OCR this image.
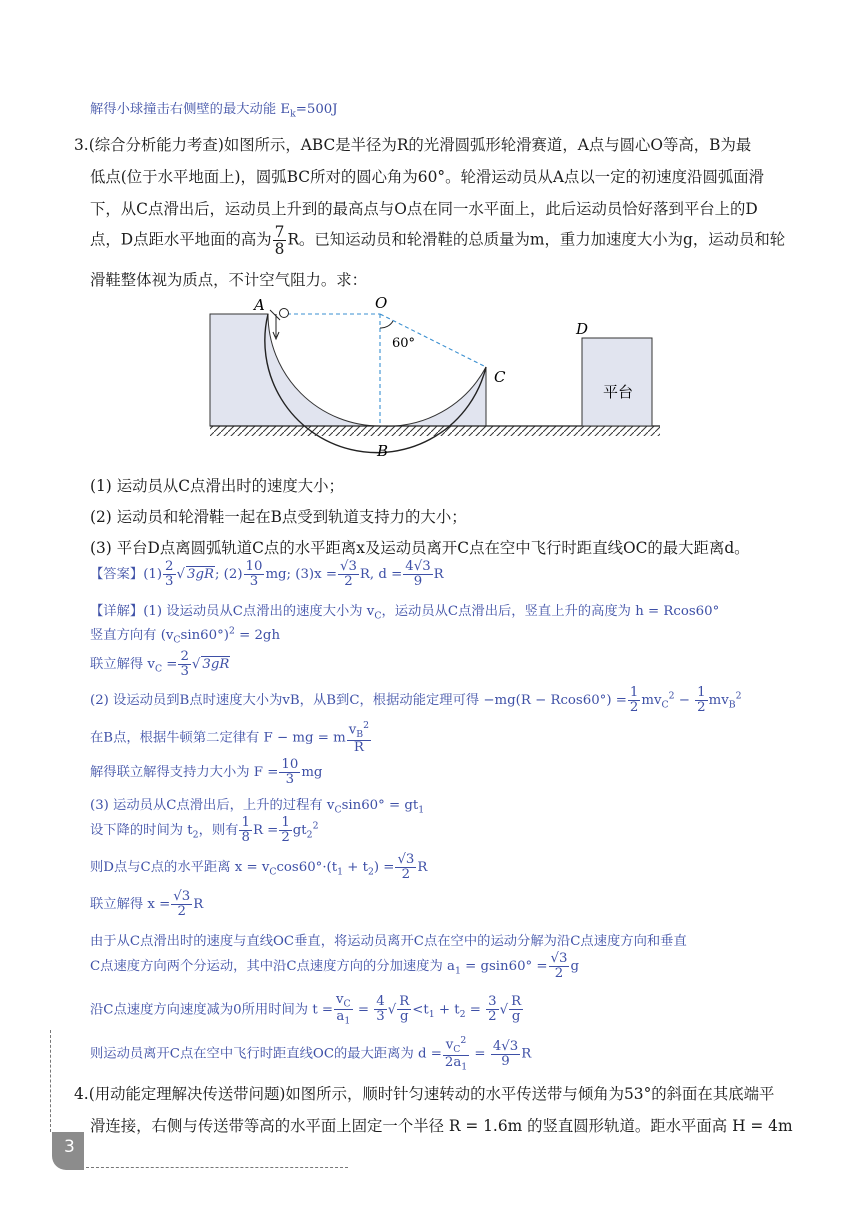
解得小球撞击右侧壁的最大动能 $E_k=500J$
3.(综合分析能力考查)如图所示，ABC是半径为R的光滑圆弧形轮滑赛道，A点与圆心O等高，B为最
低点(位于水平地面上)，圆弧BC所对的圆心角为60°。轮滑运动员从A点以一定的初速度沿圆弧面滑
下，从C点滑出后，运动员上升到的最高点与O点在同一水平面上，此后运动员恰好落到平台上的D
点，D点距水平地面的高为 $\frac{7}{8}$ R。已知运动员和轮滑鞋的总质量为m，重力加速度大小为g，运动员和轮
滑鞋整体视为质点，不计空气阻力。求：
A	O
C
B
D
60°
平台
(1) 运动员从C点滑出时的速度大小；
(2) 运动员和轮滑鞋一起在B点受到轨道支持力的大小；
(3) 平台D点离圆弧轨道C点的水平距离x及运动员离开C点在空中飞行时距直线OC的最大距离d。
【答案】$(1) \frac{2}{3}$ √ 3gR; $(2) \frac{10}{3}$ mg; $(3)x = \frac{√3}{2} R$, $d = \frac{4√3}{9}$ R
【详解】(1) 设运动员从C点滑出的速度大小为 $v_C$，运动员从C点滑出后，竖直上升的高度为 h = Rcos60°
竖直方向有 $(v_C\sin 60^\circ)^2 = 2gh$
联立解得 $v_C = \frac{2}{3}$ √ 3gR
(2) 设运动员到B点时速度大小为vB，从B到C，根据动能定理可得 $-mg(R - Rcos60^\circ) = \frac{1}{2} mv_C^2 - \frac{1}{2} mv_B^2$
在B点，根据牛顿第二定律有 F − mg = m $\frac{v_B^2}{R}$
解得联立解得支持力大小为 $F = \frac{10}{3}$ mg
(3) 运动员从C点滑出后，上升的过程有 $v_C\sin 60^\circ = gt_1$
设下降的时间为 $t_2$，则有 $\frac{1}{8}$ $R = \frac{1}{2} gt_2^2$
则D点与C点的水平距离 $x = v_C\cos 60^\circ\cdot(t_1 + t_2) = \frac{√3}{2}$ R
联立解得 $x = \frac{√3}{2}$ R
由于从C点滑出时的速度与直线OC垂直，将运动员离开C点在空中的运动分解为沿C点速度方向和垂直
C点速度方向两个分运动，其中沿C点速度方向的分加速度为 $a_1 = gsin60^\circ = \frac{√3}{2}$ g
沿C点速度方向速度减为0所用时间为 $t = \frac{v_C}{a_1} = \frac{4}{3}$ √ $\frac{R}{g} <t_1 + t_2 = \frac{3}{2}$ √ $\frac{R}{g}$
则运动员离开C点在空中飞行时距直线OC的最大距离为 $d = \frac{v_C^2}{2a_1} = \frac{4√3}{9}$ R
4.(用动能定理解决传送带问题)如图所示，顺时针匀速转动的水平传送带与倾角为53°的斜面在其底端平
滑连接，右侧与传送带等高的水平面上固定一个半径 R = 1.6m 的竖直圆形轨道。距水平面高 H = 4m
3
